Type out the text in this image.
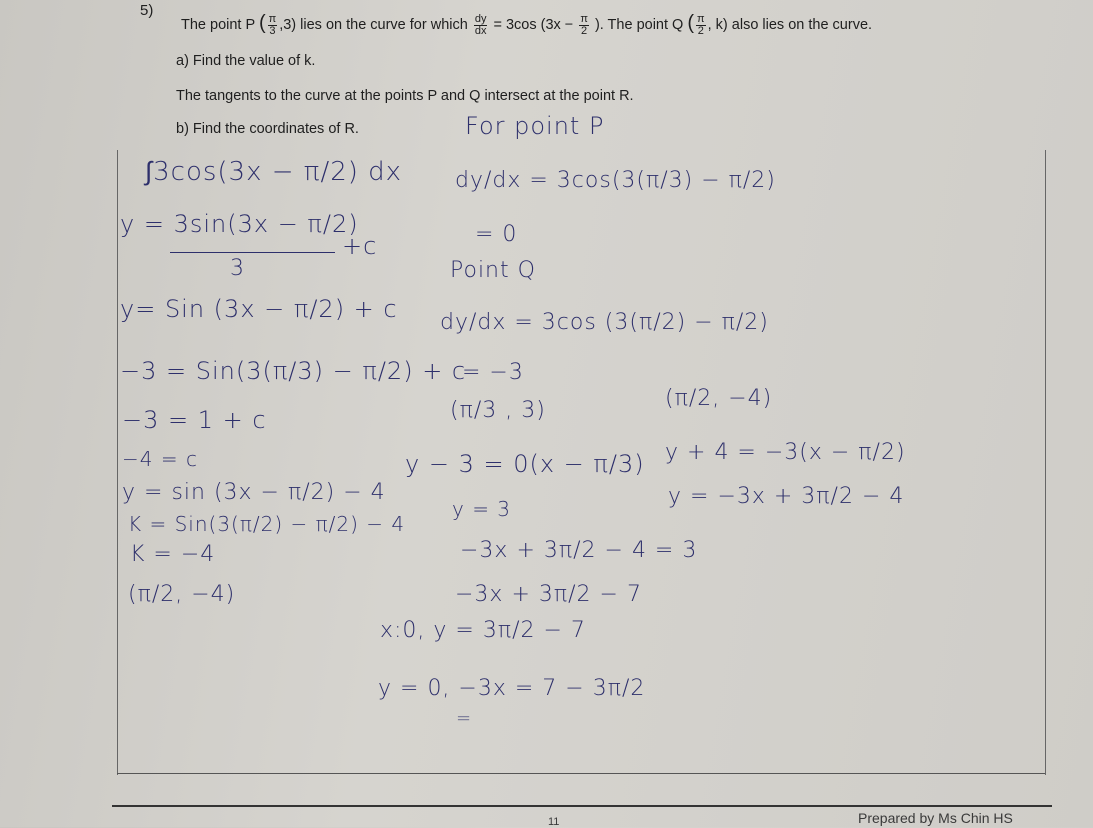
5)
The point P ( $\frac{\pi}{3} ,3$) lies on the curve for which $\frac{dy}{dx} = 3\cos$ ($3x - \frac{\pi}{2}$ ). The point Q ( $\frac{\pi}{2}$ , k) also lies on the curve.
a) Find the value of k.
The tangents to the curve at the points P and Q intersect at the point R.
b) Find the coordinates of R.
∫3cos(3x − π/2) dx
y = 3sin(3x − π/2)
+c
3
y= Sin (3x − π/2) + c
−3 = Sin(3(π/3) − π/2) + c
−3 = 1 + c
−4 = c
y = sin (3x − π/2) − 4
K = Sin(3(π/2) − π/2) − 4
K = −4
(π/2, −4)
For point P
dy/dx = 3cos(3(π/3) − π/2)
= 0
Point Q
dy/dx = 3cos (3(π/2) − π/2)
= −3
(π/3 , 3)
y − 3 = 0(x − π/3)
y = 3
−3x + 3π/2 − 4 = 3
−3x + 3π/2 − 7
x:0, y = 3π/2 − 7
y = 0, −3x = 7 − 3π/2
=
(π/2, −4)
y + 4 = −3(x − π/2)
y = −3x + 3π/2 − 4
11	Prepared by Ms Chin HS
